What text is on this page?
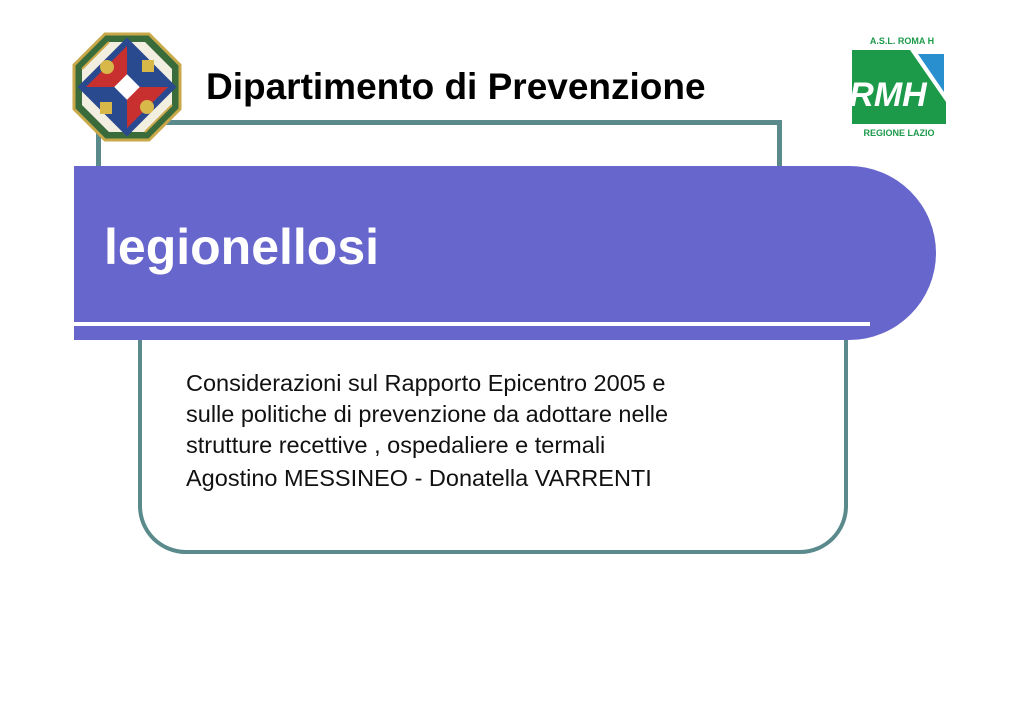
Dipartimento di Prevenzione
A.S.L. ROMA H
RMH
REGIONE LAZIO
legionellosi

Considerazioni sul Rapporto Epicentro 2005 e

sulle politiche di prevenzione da adottare nelle

strutture recettive , ospedaliere e termali

Agostino MESSINEO - Donatella VARRENTI
